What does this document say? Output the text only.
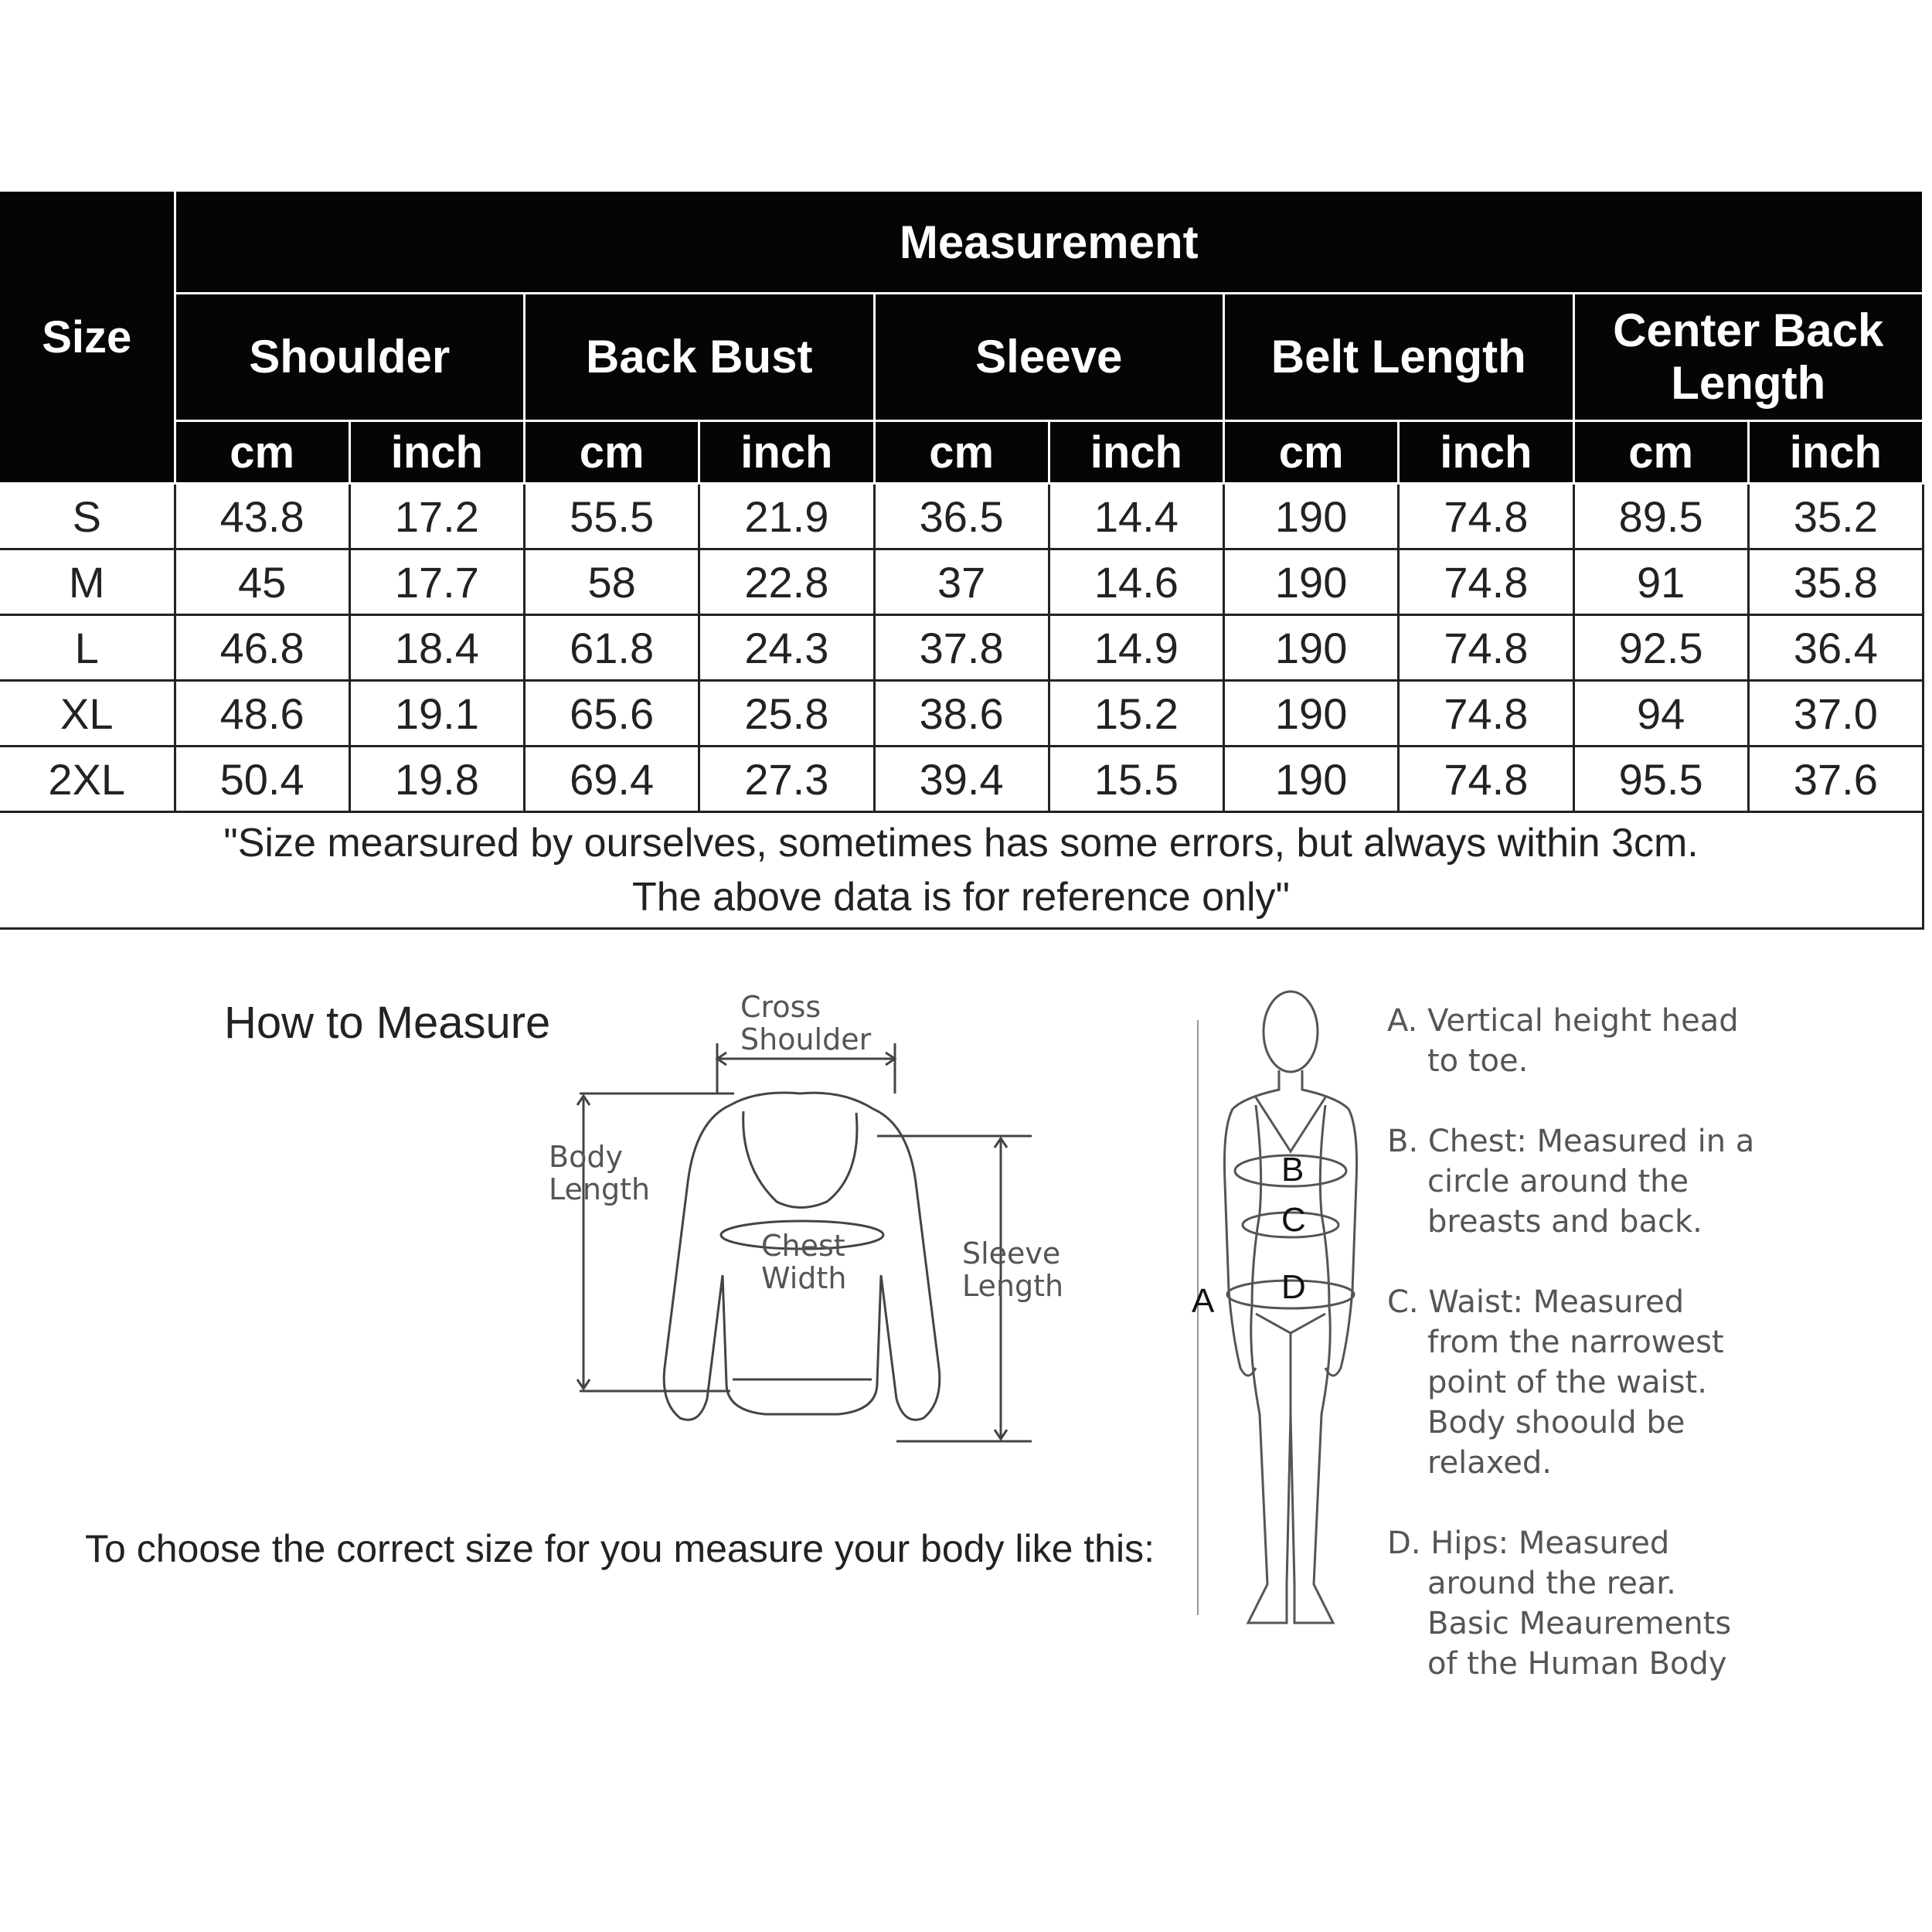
Size	Measurement									
	Shoulder		Back Bust		Sleeve		Belt Length		Center Back Length	
	cm	inch	cm	inch	cm	inch	cm	inch	cm	inch
S	43.8	17.2	55.5	21.9	36.5	14.4	190	74.8	89.5	35.2
M	45	17.7	58	22.8	37	14.6	190	74.8	91	35.8
L	46.8	18.4	61.8	24.3	37.8	14.9	190	74.8	92.5	36.4
XL	48.6	19.1	65.6	25.8	38.6	15.2	190	74.8	94	37.0
2XL	50.4	19.8	69.4	27.3	39.4	15.5	190	74.8	95.5	37.6

"Size mearsured by ourselves, sometimes has some errors, but always within 3cm.
The above data is for reference only"										
How to Measure
To choose the correct size for you measure your body like this:
Cross
Shoulder
Body
Length
Chest
Width
Sleeve
Length
B
C
D
A
A. Vertical height head
to toe.
B. Chest: Measured in a
circle around the
breasts and back.
C. Waist: Measured
from the narrowest
point of the waist.
Body shoould be
relaxed.
D. Hips: Measured
around the rear.
Basic Meaurements
of the Human Body
